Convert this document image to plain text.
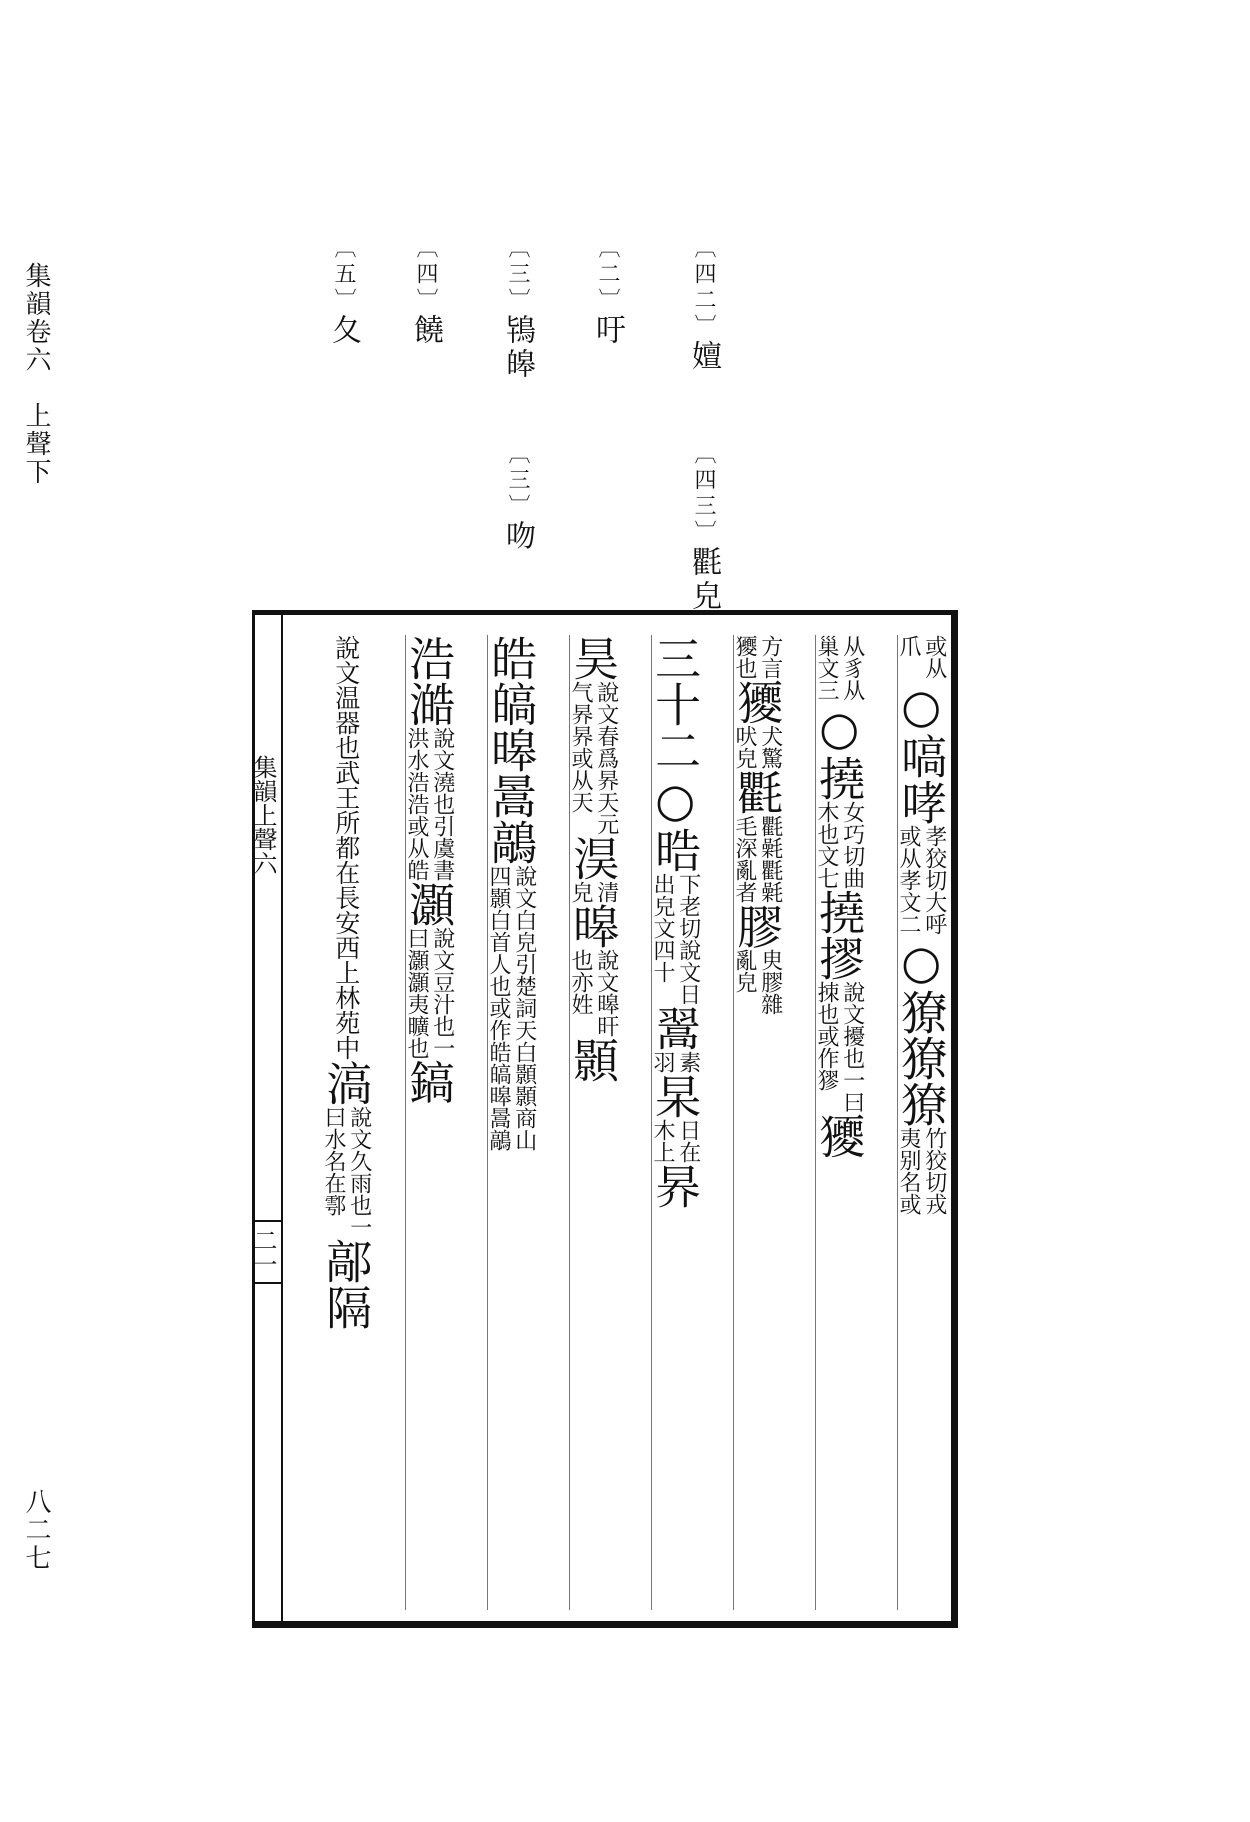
集韻卷六　上聲下
八二七
〔四二〕嬗
〔四三〕氍皃
〔二〕吁
〔三〕鴇皞
〔三〕吻
〔四〕饒
〔五〕夂
集韻上聲六
二一
或从
爪
○嗃哮
孝狡切大呼
或从孝文二
○獠獠獠
竹狡切戎
夷别名或
从豸从
巢文三
○撓
女巧切曲
木也文七
撓摎
說文擾也一曰
拺也或作㺒
獿
方言
獿也
獿
犬驚
吠皃
氍
氍氉氍氉
毛深亂者
膠
㬰膠雜
亂皃
三十二
○晧
下老切說文日
出皃文四十
翯
素
羽
杲
日在
木上
昦
昊
說文春爲昦天元
气昦昦或从天
淏
清
皃
暤
說文暤旰
也亦姓
顥
皓皜暤暠鶮
說文白皃引楚詞天白顥顥商山
四顥白首人也或作皓皜暤暠鶮
浩澔
說文澆也引虞書
洪水浩浩或从皓
灝
說文豆汁也一
曰灝灝夷曠也
鎬
說文温器也武王所都在長安西上林苑中
滈
說文久雨也一
曰水名在鄠
鄗隔
